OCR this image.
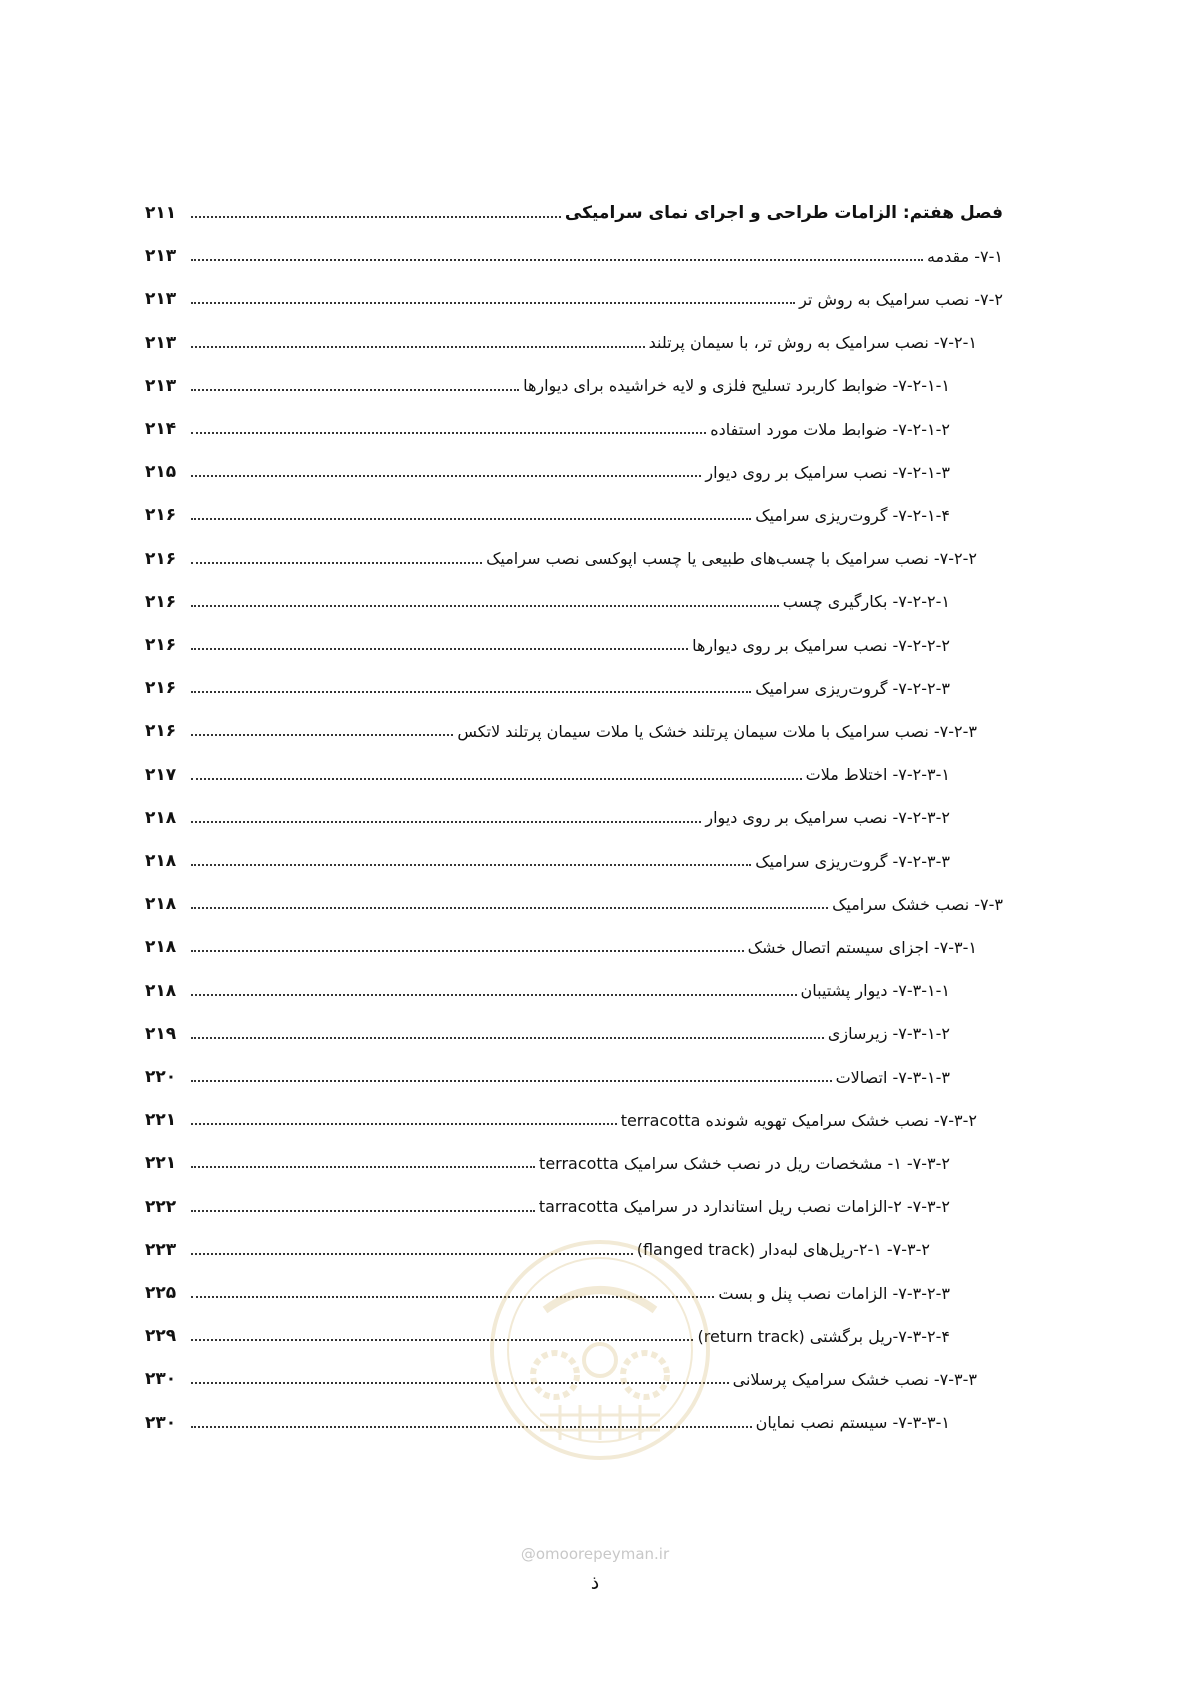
فصل هفتم: الزامات طراحی و اجرای نمای سرامیکی
۲۱۱
۷-۱- مقدمه
۲۱۳
۷-۲- نصب سرامیک به روش تر
۲۱۳
۷-۲-۱- نصب سرامیک به روش تر، با سیمان پرتلند
۲۱۳
۷-۲-۱-۱- ضوابط کاربرد تسلیح فلزی و لایه خراشیده برای دیوارها
۲۱۳
۷-۲-۱-۲- ضوابط ملات مورد استفاده
۲۱۴
۷-۲-۱-۳- نصب سرامیک بر روی دیوار
۲۱۵
۷-۲-۱-۴- گروت‌ریزی سرامیک
۲۱۶
۷-۲-۲- نصب سرامیک با چسب‌های طبیعی یا چسب اپوکسی نصب سرامیک
۲۱۶
۷-۲-۲-۱- بکارگیری چسب
۲۱۶
۷-۲-۲-۲- نصب سرامیک بر روی دیوارها
۲۱۶
۷-۲-۲-۳- گروت‌ریزی سرامیک
۲۱۶
۷-۲-۳- نصب سرامیک با ملات سیمان پرتلند خشک یا ملات سیمان پرتلند لاتکس
۲۱۶
۷-۲-۳-۱- اختلاط ملات
۲۱۷
۷-۲-۳-۲- نصب سرامیک بر روی دیوار
۲۱۸
۷-۲-۳-۳- گروت‌ریزی سرامیک
۲۱۸
۷-۳- نصب خشک سرامیک
۲۱۸
۷-۳-۱- اجزای سیستم اتصال خشک
۲۱۸
۷-۳-۱-۱- دیوار پشتیبان
۲۱۸
۷-۳-۱-۲- زیرسازی
۲۱۹
۷-۳-۱-۳- اتصالات
۲۲۰
۷-۳-۲- نصب خشک سرامیک تهویه شونده terracotta
۲۲۱
۷-۳-۲- ۱- مشخصات ریل در نصب خشک سرامیک terracotta
۲۲۱
۷-۳-۲- ۲-الزامات نصب ریل استاندارد در سرامیک tarracotta
۲۲۲
۷-۳-۲- ۲-۱-ریل‌های لبه‌دار (flanged track)
۲۲۳
۷-۳-۲-۳- الزامات نصب پنل و بست
۲۲۵
۷-۳-۲-۴-ریل برگشتی (return track)
۲۲۹
۷-۳-۳- نصب خشک سرامیک پرسلانی
۲۳۰
۷-۳-۳-۱- سیستم نصب نمایان
۲۳۰
@omoorepeyman.ir
ذ
